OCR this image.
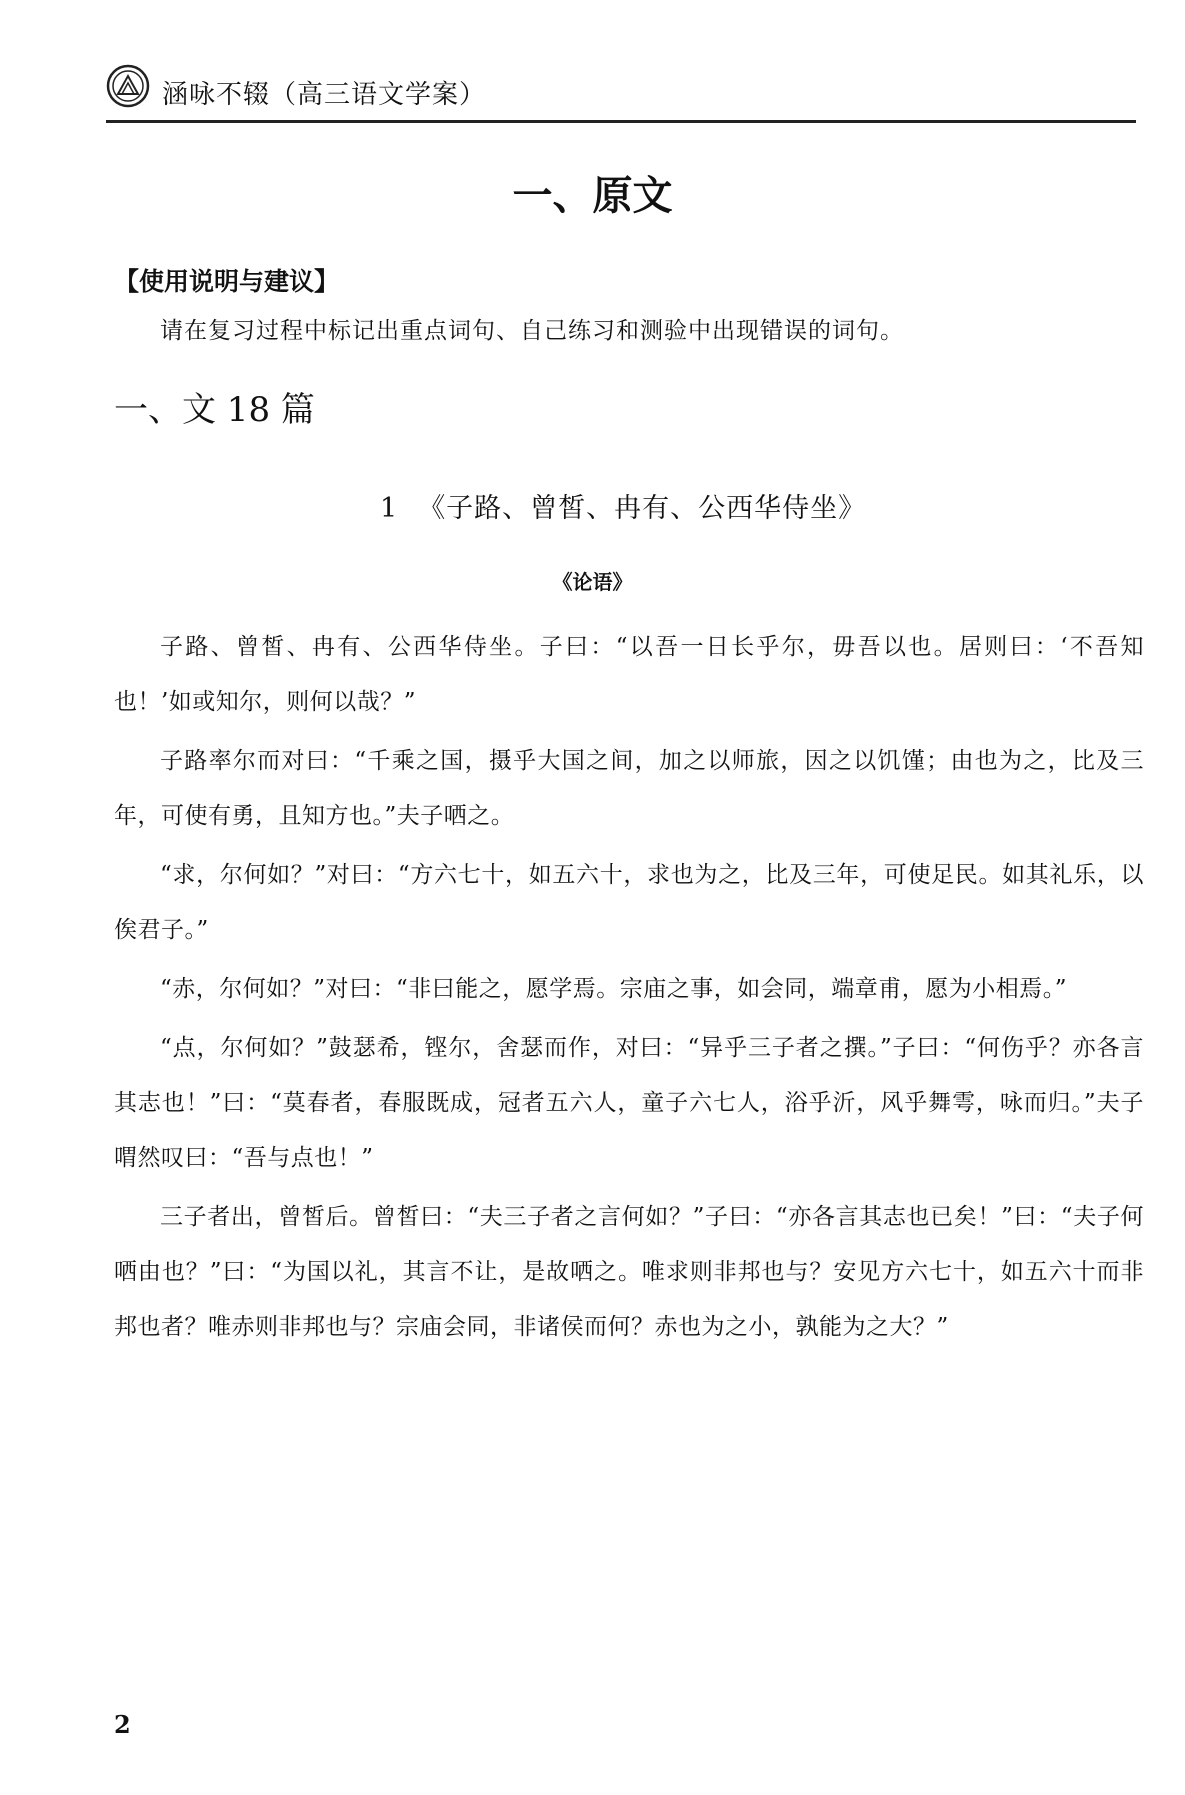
涵咏不辍（高三语文学案）
一、原文
【使用说明与建议】
请在复习过程中标记出重点词句、自己练习和测验中出现错误的词句。
一、文 18 篇
1 《子路、曾皙、冉有、公西华侍坐》
《论语》

子路、曾皙、冉有、公西华侍坐。子曰：“以吾一日长乎尔，毋吾以也。居则曰：‘不吾知也！’如或知尔，则何以哉？”

子路率尔而对曰：“千乘之国，摄乎大国之间，加之以师旅，因之以饥馑；由也为之，比及三年，可使有勇，且知方也。”夫子哂之。

“求，尔何如？”对曰：“方六七十，如五六十，求也为之，比及三年，可使足民。如其礼乐，以俟君子。”

“赤，尔何如？”对曰：“非曰能之，愿学焉。宗庙之事，如会同，端章甫，愿为小相焉。”

“点，尔何如？”鼓瑟希，铿尔，舍瑟而作，对曰：“异乎三子者之撰。”子曰：“何伤乎？亦各言其志也！”曰：“莫春者，春服既成，冠者五六人，童子六七人，浴乎沂，风乎舞雩，咏而归。”夫子喟然叹曰：“吾与点也！”

三子者出，曾皙后。曾皙曰：“夫三子者之言何如？”子曰：“亦各言其志也已矣！”曰：“夫子何哂由也？”曰：“为国以礼，其言不让，是故哂之。唯求则非邦也与？安见方六七十，如五六十而非邦也者？唯赤则非邦也与？宗庙会同，非诸侯而何？赤也为之小，孰能为之大？”

2
